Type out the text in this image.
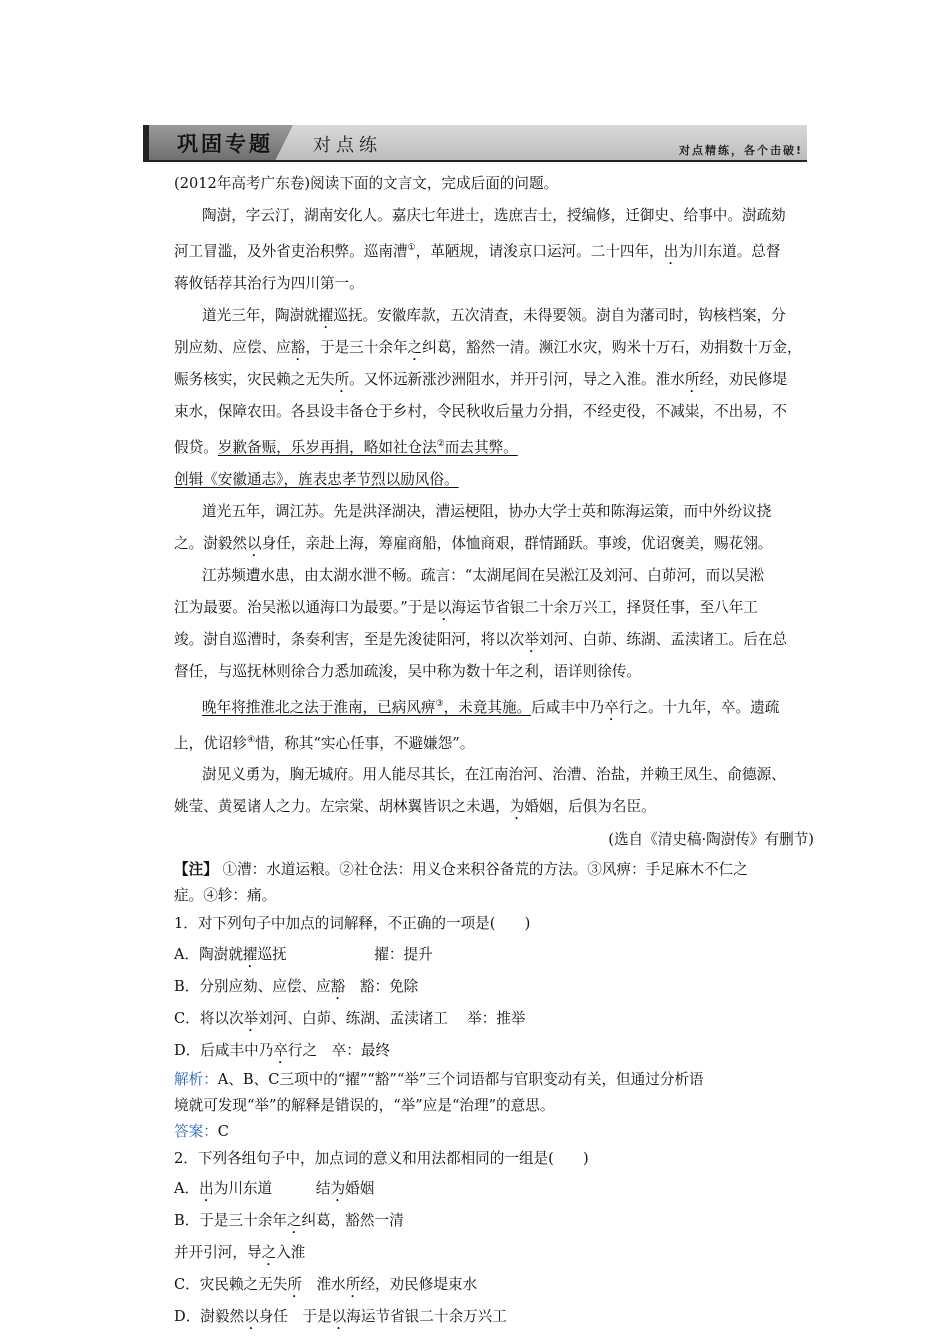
巩固专题 对点练	对点精练，各个击破!
(2012年高考广东卷)阅读下面的文言文，完成后面的问题。
陶澍，字云汀，湖南安化人。嘉庆七年进士，选庶吉士，授编修，迁御史、给事中。澍疏劾
河工冒滥，及外省吏治积弊。巡南漕①，革陋规，请浚京口运河。二十四年，出为川东道。总督
蒋攸铦荐其治行为四川第一。
道光三年，陶澍就擢巡抚。安徽库款，五次清查，未得要领。澍自为藩司时，钩核档案，分
别应劾、应偿、应豁，于是三十余年之纠葛，豁然一清。濒江水灾，购米十万石，劝捐数十万金，
赈务核实，灾民赖之无失所。又怀远新涨沙洲阻水，并开引河，导之入淮。淮水所经，劝民修堤
束水，保障农田。各县设丰备仓于乡村，令民秋收后量力分捐，不经吏役，不减粜，不出易，不
假贷。岁歉备赈，乐岁再捐，略如社仓法②而去其弊。
创辑《安徽通志》，旌表忠孝节烈以励风俗。
道光五年，调江苏。先是洪泽湖决，漕运梗阻，协办大学士英和陈海运策，而中外纷议挠
之。澍毅然以身任，亲赴上海，筹雇商船，体恤商艰，群情踊跃。事竣，优诏褒美，赐花翎。
江苏频遭水患，由太湖水泄不畅。疏言：“太湖尾闾在吴淞江及刘河、白茆河，而以吴淞
江为最要。治吴淞以通海口为最要。”于是以海运节省银二十余万兴工，择贤任事，至八年工
竣。澍自巡漕时，条奏利害，至是先浚徒阳河，将以次举刘河、白茆、练湖、孟渎诸工。后在总
督任，与巡抚林则徐合力悉加疏浚，吴中称为数十年之利，语详则徐传。
晚年将推淮北之法于淮南，已病风痹③，未竟其施。后咸丰中乃卒行之。十九年，卒。遗疏
上，优诏轸④惜，称其“实心任事，不避嫌怨”。
澍见义勇为，胸无城府。用人能尽其长，在江南治河、治漕、治盐，并赖王凤生、俞德源、
姚莹、黄冕诸人之力。左宗棠、胡林翼皆识之未遇，为婚姻，后俱为名臣。
(选自《清史稿·陶澍传》有删节)
【注】 ①漕：水道运粮。②社仓法：用义仓来积谷备荒的方法。③风痹：手足麻木不仁之
症。④轸：痛。
1．对下列句子中加点的词解释，不正确的一项是(　　)
A．陶澍就擢巡抚　　　　　　擢：提升
B．分别应劾、应偿、应豁　豁：免除
C．将以次举刘河、白茆、练湖、孟渎诸工　 举：推举
D．后咸丰中乃卒行之　卒：最终
解析：A、B、C三项中的“擢”“豁”“举”三个词语都与官职变动有关，但通过分析语
境就可发现“举”的解释是错误的，“举”应是“治理”的意思。
答案：C
2．下列各组句子中，加点词的意义和用法都相同的一组是(　　)
A．出为川东道　　　结为婚姻
B．于是三十余年之纠葛，豁然一清
并开引河，导之入淮
C．灾民赖之无失所　淮水所经，劝民修堤束水
D．澍毅然以身任　于是以海运节省银二十余万兴工
